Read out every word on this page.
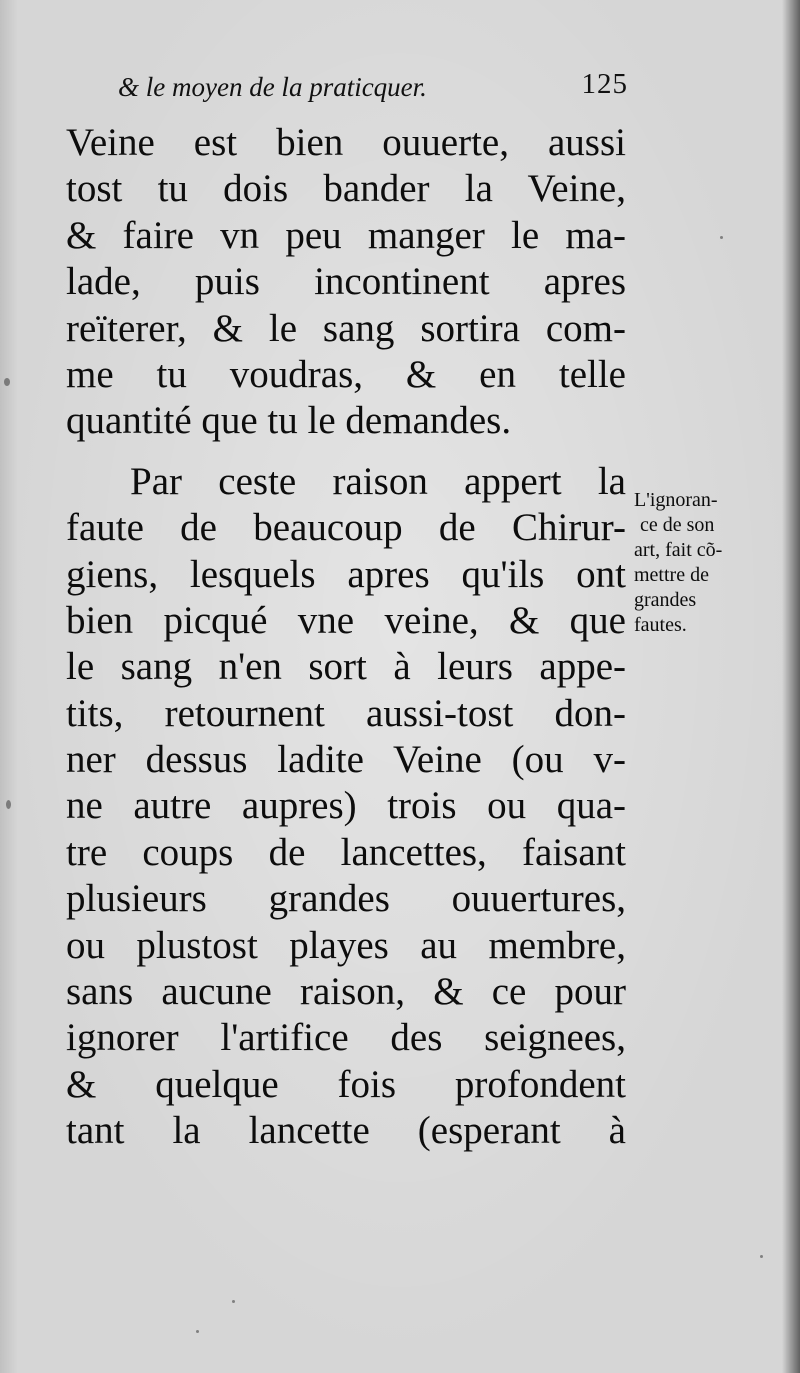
& le moyen de la praticquer.	125
Veine est bien ouuerte, aussi
tost tu dois bander la Veine,
& faire vn peu manger le ma-
lade, puis incontinent apres
reïterer, & le sang sortira com-
me tu voudras, & en telle
quantité que tu le demandes.
Par ceste raison appert la
faute de beaucoup de Chirur-
giens, lesquels apres qu'ils ont
bien picqué vne veine, & que
le sang n'en sort à leurs appe-
tits, retournent aussi-tost don-
ner dessus ladite Veine (ou v-
ne autre aupres) trois ou qua-
tre coups de lancettes, faisant
plusieurs grandes ouuertures,
ou plustost playes au membre,
sans aucune raison, & ce pour
ignorer l'artifice des seignees,
& quelque fois profondent
tant la lancette (esperant à
L'ignoran-
ce de son
art, fait cõ-
mettre de
grandes
fautes.
